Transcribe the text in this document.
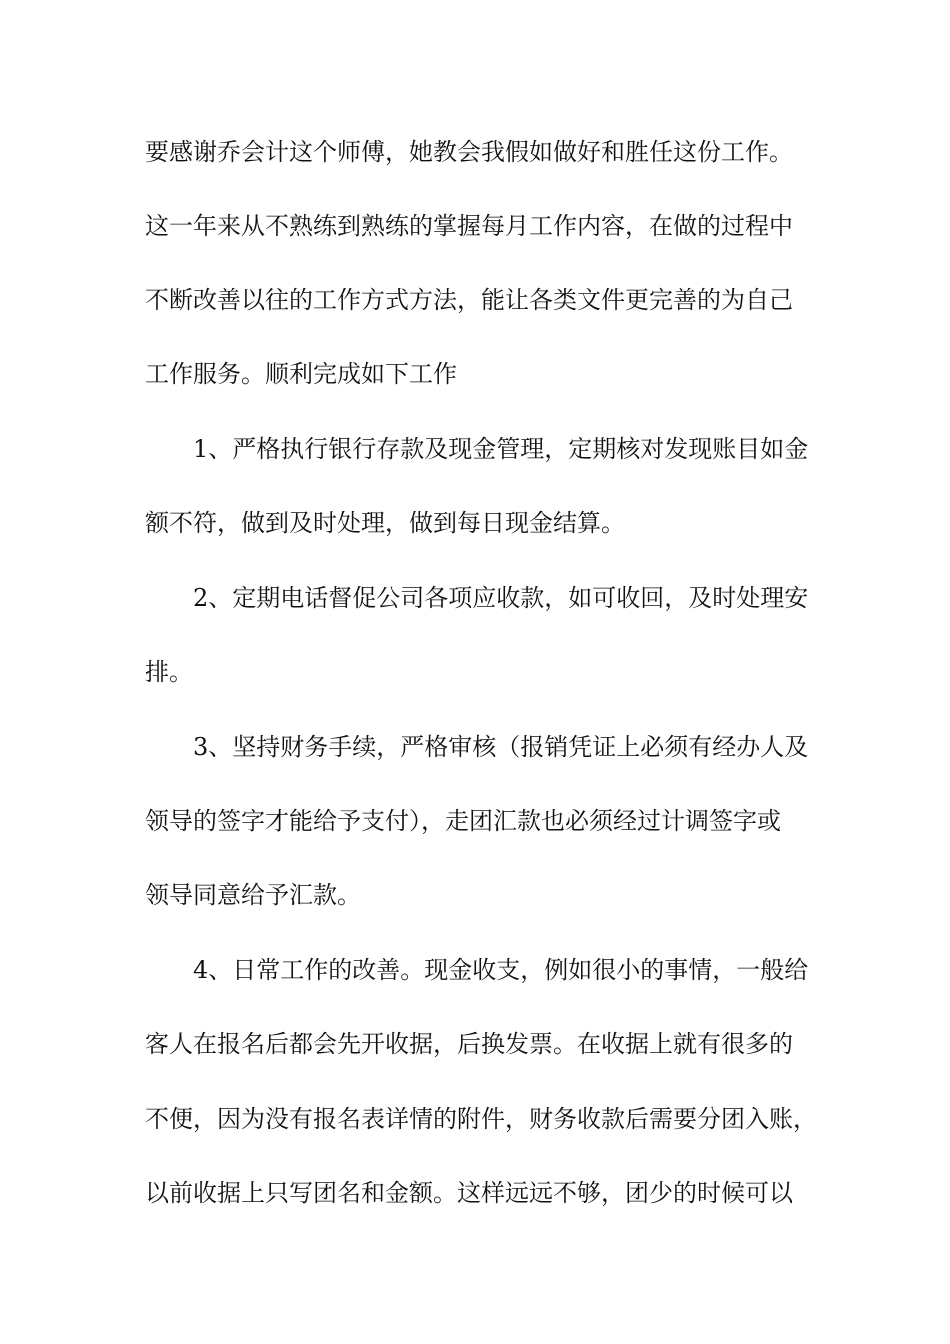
要感谢乔会计这个师傅，她教会我假如做好和胜任这份工作。
这一年来从不熟练到熟练的掌握每月工作内容，在做的过程中
不断改善以往的工作方式方法，能让各类文件更完善的为自己
工作服务。顺利完成如下工作
1、严格执行银行存款及现金管理，定期核对发现账目如金
额不符，做到及时处理，做到每日现金结算。
2、定期电话督促公司各项应收款，如可收回，及时处理安
排。
3、坚持财务手续，严格审核（报销凭证上必须有经办人及
领导的签字才能给予支付），走团汇款也必须经过计调签字或
领导同意给予汇款。
4、日常工作的改善。现金收支，例如很小的事情，一般给
客人在报名后都会先开收据，后换发票。在收据上就有很多的
不便，因为没有报名表详情的附件，财务收款后需要分团入账，
以前收据上只写团名和金额。这样远远不够，团少的时候可以
